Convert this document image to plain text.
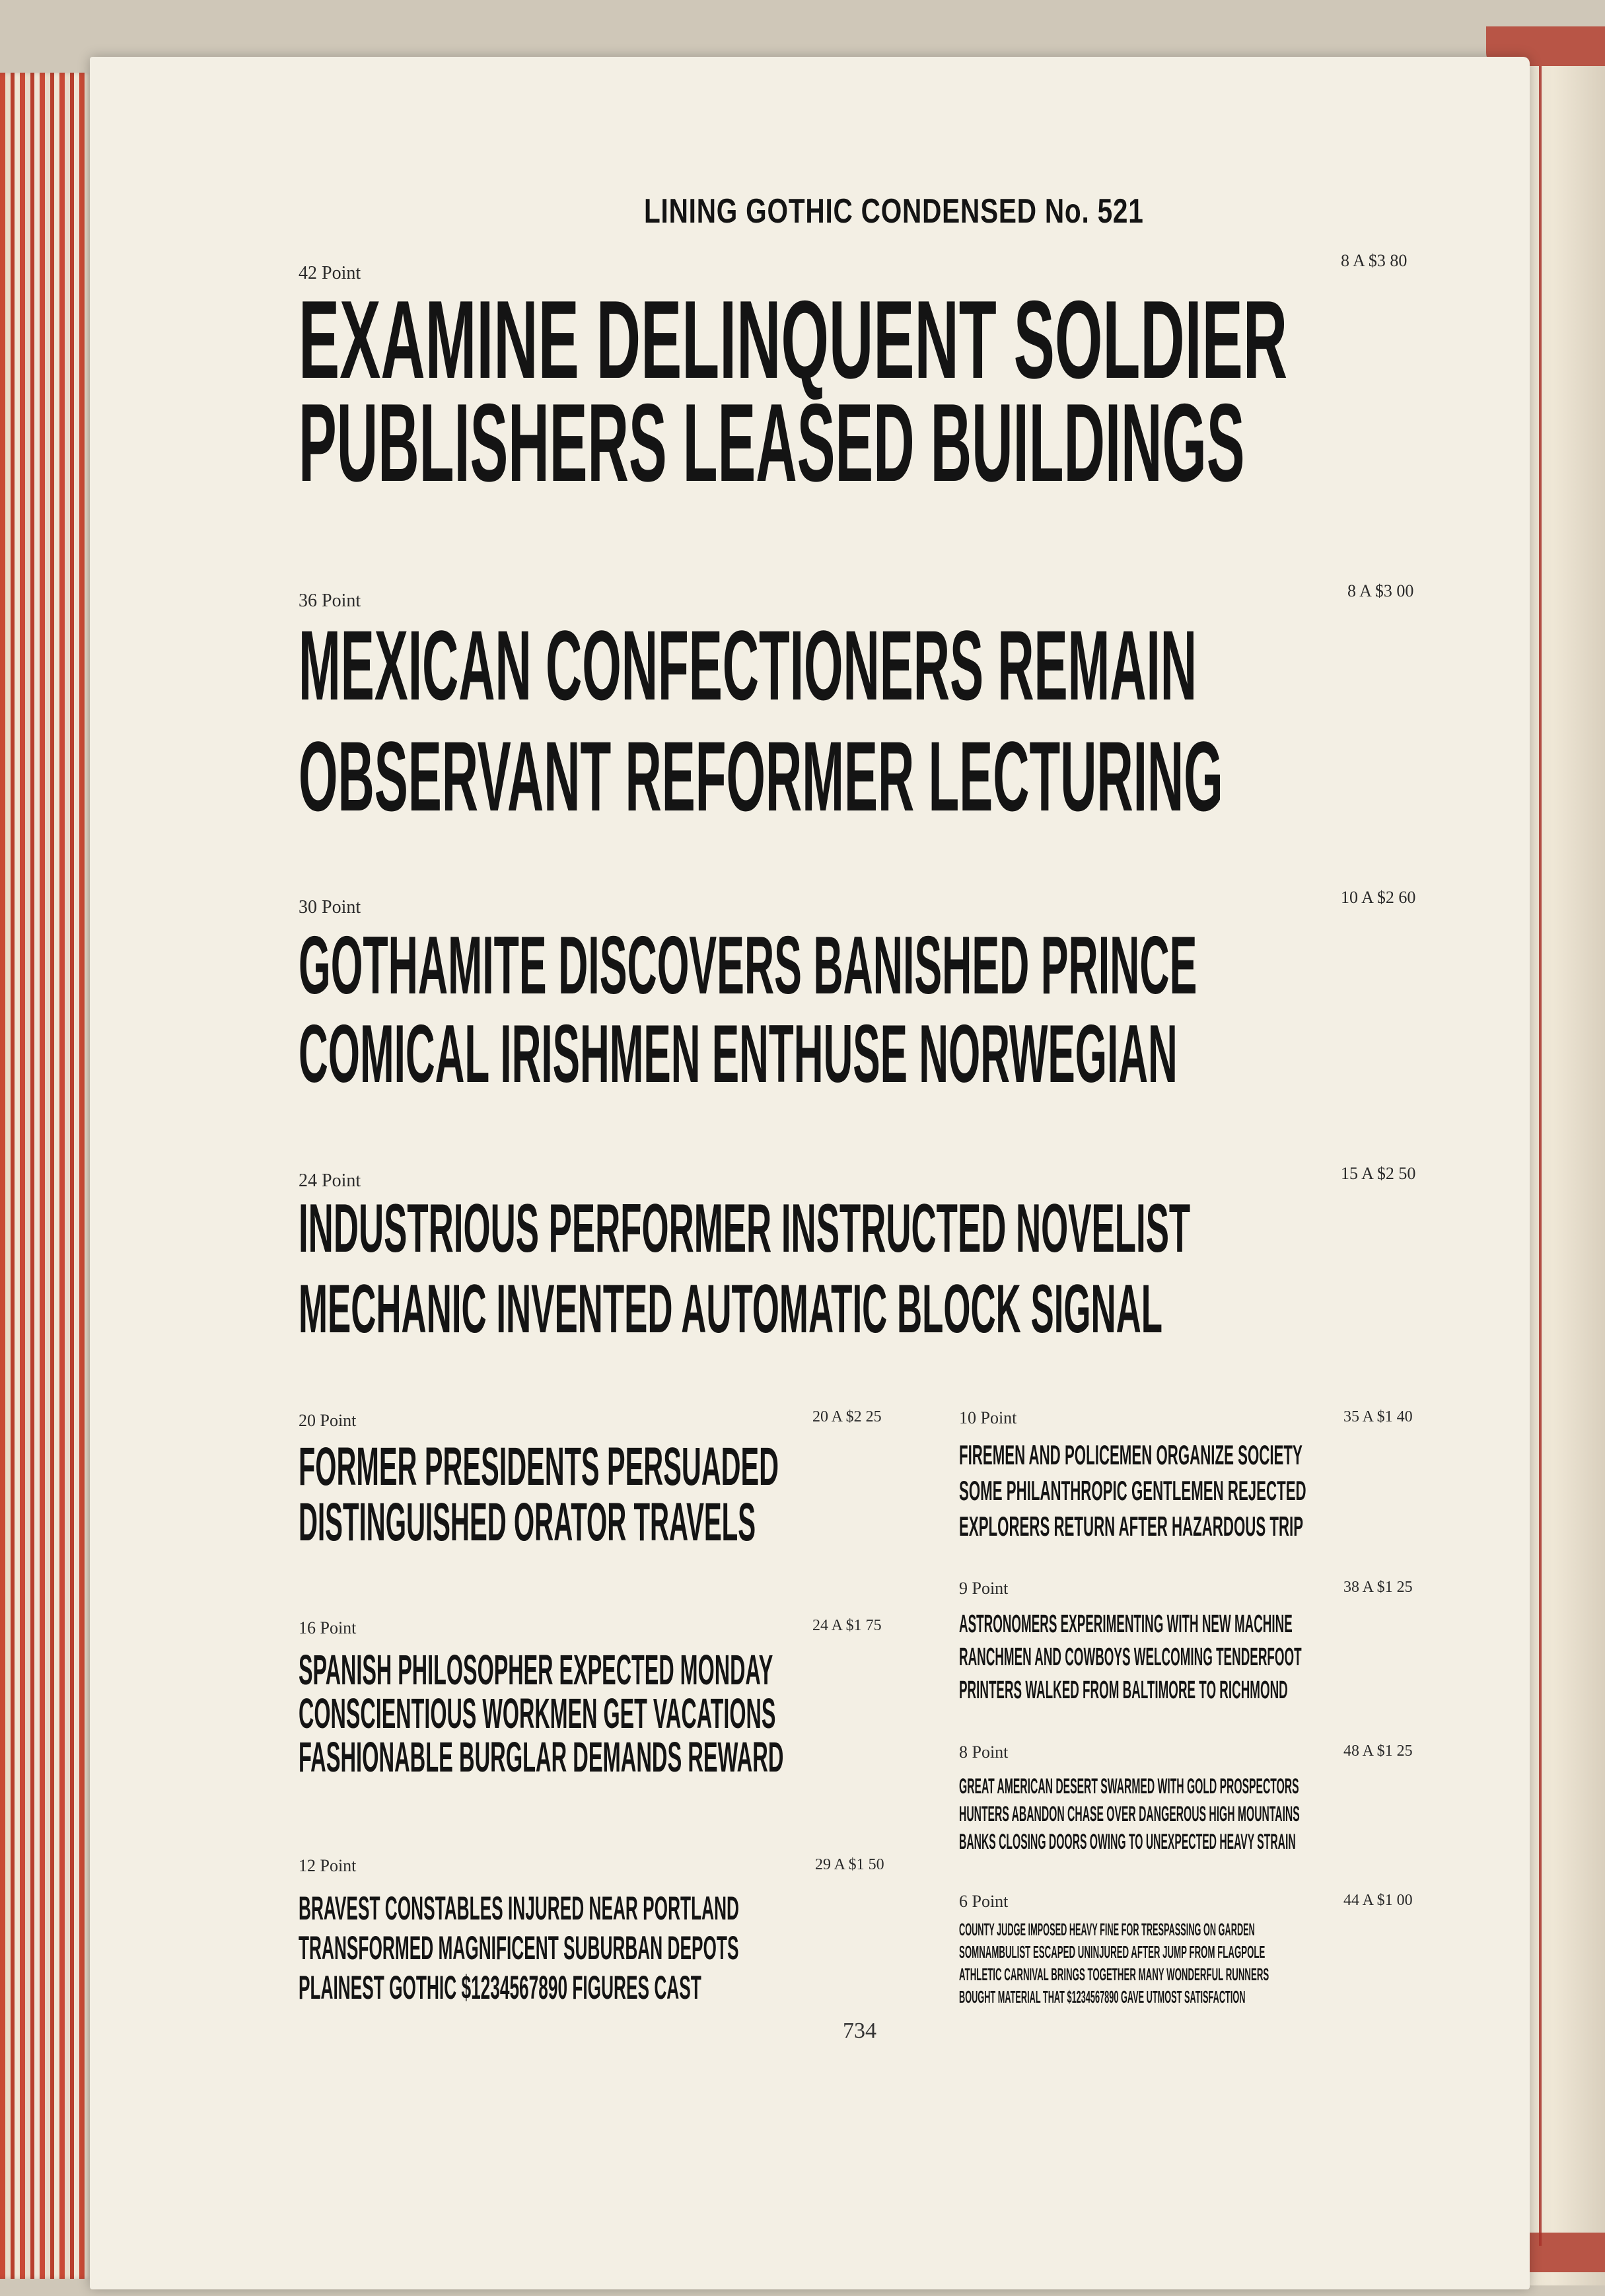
LINING GOTHIC CONDENSED No. 521
42 Point
8 A $3 80
EXAMINE DELINQUENT SOLDIER
PUBLISHERS LEASED BUILDINGS
36 Point	8 A $3 00
MEXICAN CONFECTIONERS REMAIN
OBSERVANT REFORMER LECTURING
30 Point	10 A $2 60
GOTHAMITE DISCOVERS BANISHED PRINCE
COMICAL IRISHMEN ENTHUSE NORWEGIAN
24 Point	15 A $2 50
INDUSTRIOUS PERFORMER INSTRUCTED NOVELIST
MECHANIC INVENTED AUTOMATIC BLOCK SIGNAL
20 Point	20 A $2 25
FORMER PRESIDENTS PERSUADED
DISTINGUISHED ORATOR TRAVELS
16 Point	24 A $1 75
SPANISH PHILOSOPHER EXPECTED MONDAY
CONSCIENTIOUS WORKMEN GET VACATIONS
FASHIONABLE BURGLAR DEMANDS REWARD
12 Point	29 A $1 50
BRAVEST CONSTABLES INJURED NEAR PORTLAND
TRANSFORMED MAGNIFICENT SUBURBAN DEPOTS
PLAINEST GOTHIC $1234567890 FIGURES CAST
10 Point	35 A $1 40
FIREMEN AND POLICEMEN ORGANIZE SOCIETY
SOME PHILANTHROPIC GENTLEMEN REJECTED
EXPLORERS RETURN AFTER HAZARDOUS TRIP
9 Point	38 A $1 25
ASTRONOMERS EXPERIMENTING WITH NEW MACHINE
RANCHMEN AND COWBOYS WELCOMING TENDERFOOT
PRINTERS WALKED FROM BALTIMORE TO RICHMOND
8 Point	48 A $1 25
GREAT AMERICAN DESERT SWARMED WITH GOLD PROSPECTORS
HUNTERS ABANDON CHASE OVER DANGEROUS HIGH MOUNTAINS
BANKS CLOSING DOORS OWING TO UNEXPECTED HEAVY STRAIN
6 Point	44 A $1 00
COUNTY JUDGE IMPOSED HEAVY FINE FOR TRESPASSING ON GARDEN
SOMNAMBULIST ESCAPED UNINJURED AFTER JUMP FROM FLAGPOLE
ATHLETIC CARNIVAL BRINGS TOGETHER MANY WONDERFUL RUNNERS
BOUGHT MATERIAL THAT $1234567890 GAVE UTMOST SATISFACTION
734
